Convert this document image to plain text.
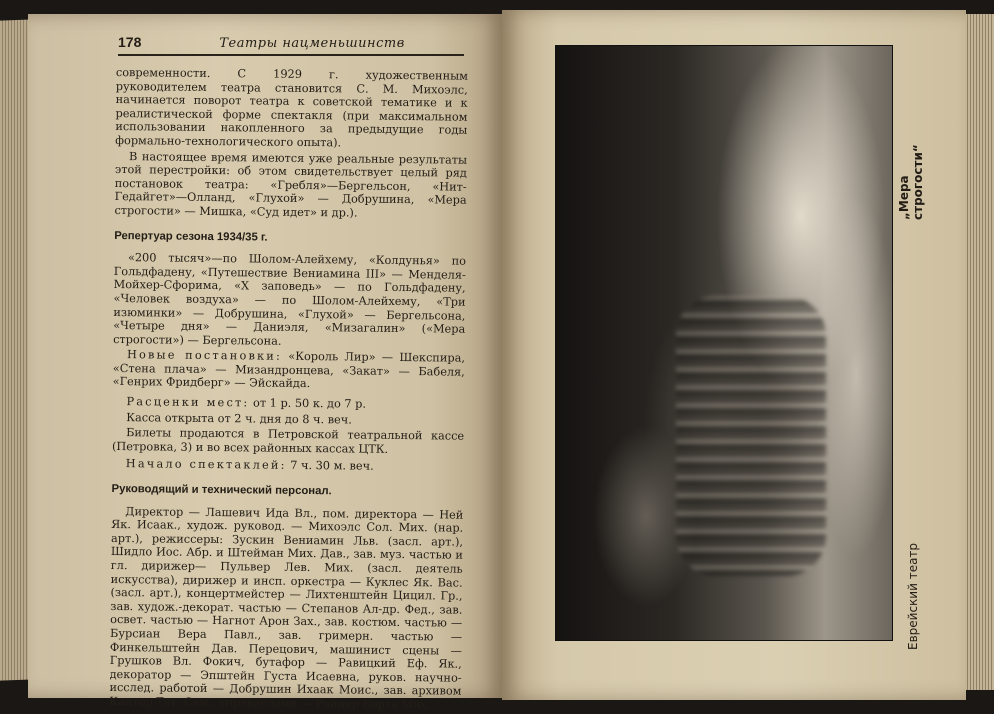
178	Театры нацменьшинств

современности. С 1929 г. художественным руководителем театра становится С. М. Михоэлс, начинается поворот театра к советской тематике и к реалистической форме спектакля (при максимальном использовании накопленного за предыдущие годы формально-технологического опыта).

В настоящее время имеются уже реальные результаты этой перестройки: об этом свидетельствует целый ряд постановок театра: «Гребля»—Бергельсон, «Нит-Гедайгет»—Олланд, «Глухой» — Добрушина, «Мера строгости» — Мишка, «Суд идет» и др.).

Репертуар сезона 1934/35 г.

«200 тысяч»—по Шолом-Алейхему, «Колдунья» по Гольдфадену, «Путешествие Вениамина III» — Менделя-Мойхер-Сфорима, «Х заповедь» — по Гольдфадену, «Человек воздуха» — по Шолом-Алейхему, «Три изюминки» — Добрушина, «Глухой» — Бергельсона, «Четыре дня» — Даниэля, «Мизагалин» («Мера строгости») — Бергельсона.

Новые постановки: «Король Лир» — Шекспира, «Стена плача» — Мизандронцева, «Закат» — Бабеля, «Генрих Фридберг» — Эйскайда.

Расценки мест: от 1 р. 50 к. до 7 р.

Касса открыта от 2 ч. дня до 8 ч. веч.

Билеты продаются в Петровской театральной кассе (Петровка, 3) и во всех районных кассах ЦТК.

Начало спектаклей: 7 ч. 30 м. веч.

Руководящий и технический персонал.

Директор — Лашевич Ида Вл., пом. директора — Ней Як. Исаак., худож. руковод. — Михоэлс Сол. Мих. (нар. арт.), режиссеры: Зускин Вениамин Льв. (засл. арт.), Шидло Иос. Абр. и Штейман Мих. Дав., зав. муз. частью и гл. дирижер— Пульвер Лев. Мих. (засл. деятель искусства), дирижер и инсп. оркестра — Куклес Як. Вас. (засл. арт.), концертмейстер — Лихтенштейн Цицил. Гр., зав. худож.-декорат. частью — Степанов Ал-др. Фед., зав. освет. частью — Нагнот Арон Зах., зав. костюм. частью — Бурсиан Вера Павл., зав. гримерн. частью — Финкельштейн Дав. Перецович, машинист сцены — Грушков Вл. Фокич, бутафор — Равицкий Еф. Як., декоратор — Эпштейн Густа Исаевна, руков. научно-исслед. работой — Добрушин Ихаак Моис., зав. архивом Кантор Тат. Сам., управделами — Рейнер Берта Мих.

„Мера строгости“
Еврейский театр
